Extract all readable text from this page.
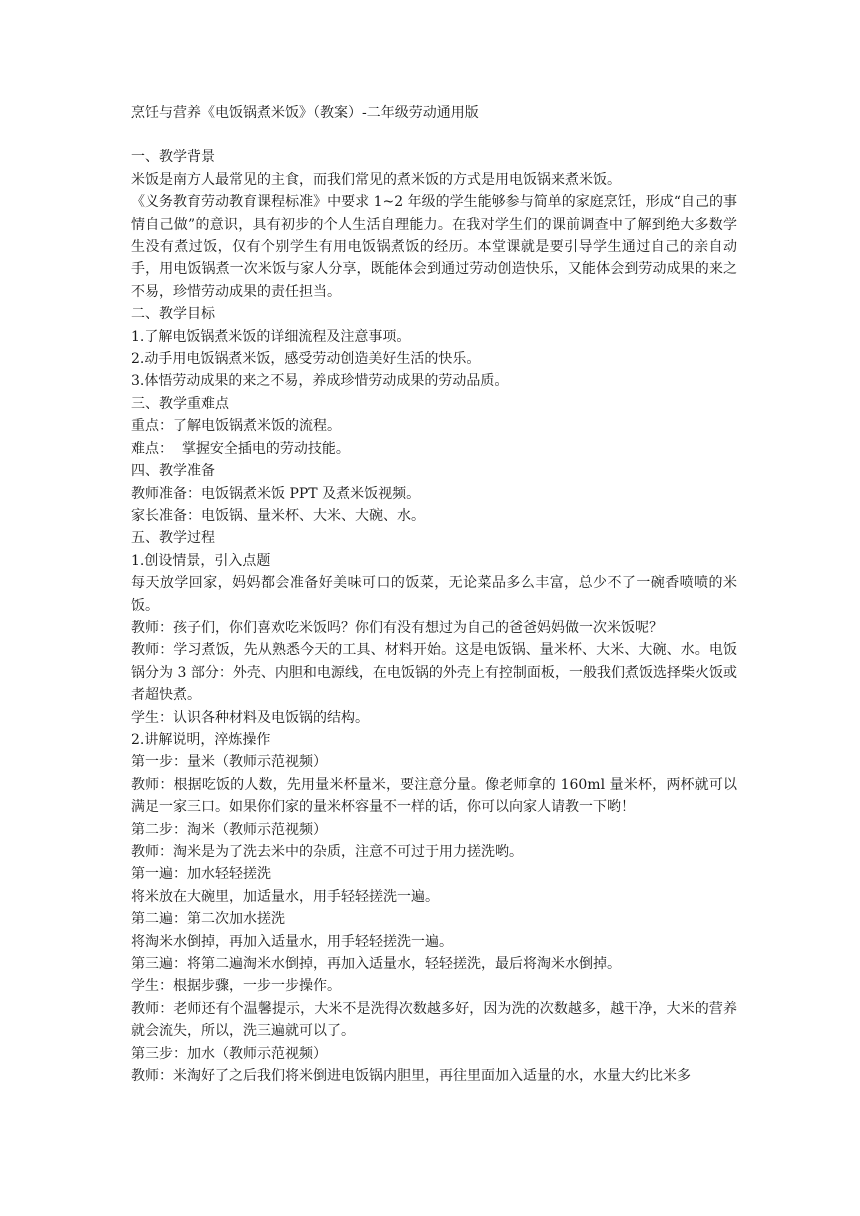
烹饪与营养《电饭锅煮米饭》（教案）-二年级劳动通用版

一、教学背景

米饭是南方人最常见的主食，而我们常见的煮米饭的方式是用电饭锅来煮米饭。

《义务教育劳动教育课程标准》中要求 1~2 年级的学生能够参与简单的家庭烹饪，形成“自己的事情自己做”的意识，具有初步的个人生活自理能力。在我对学生们的课前调查中了解到绝大多数学生没有煮过饭，仅有个别学生有用电饭锅煮饭的经历。本堂课就是要引导学生通过自己的亲自动手，用电饭锅煮一次米饭与家人分享，既能体会到通过劳动创造快乐，又能体会到劳动成果的来之不易，珍惜劳动成果的责任担当。

二、教学目标

1.了解电饭锅煮米饭的详细流程及注意事项。

2.动手用电饭锅煮米饭，感受劳动创造美好生活的快乐。

3.体悟劳动成果的来之不易，养成珍惜劳动成果的劳动品质。

三、教学重难点

重点：了解电饭锅煮米饭的流程。

难点：  掌握安全插电的劳动技能。

四、教学准备

教师准备：电饭锅煮米饭 PPT 及煮米饭视频。

家长准备：电饭锅、量米杯、大米、大碗、水。

五、教学过程

1.创设情景，引入点题

每天放学回家，妈妈都会准备好美味可口的饭菜，无论菜品多么丰富，总少不了一碗香喷喷的米饭。

教师：孩子们，你们喜欢吃米饭吗？你们有没有想过为自己的爸爸妈妈做一次米饭呢？

教师：学习煮饭，先从熟悉今天的工具、材料开始。这是电饭锅、量米杯、大米、大碗、水。电饭锅分为 3 部分：外壳、内胆和电源线，在电饭锅的外壳上有控制面板，一般我们煮饭选择柴火饭或者超快煮。

学生：认识各种材料及电饭锅的结构。

2.讲解说明，淬炼操作

第一步：量米（教师示范视频）

教师：根据吃饭的人数，先用量米杯量米，要注意分量。像老师拿的 160ml 量米杯，两杯就可以满足一家三口。如果你们家的量米杯容量不一样的话，你可以向家人请教一下哟！

第二步：淘米（教师示范视频）

教师：淘米是为了洗去米中的杂质，注意不可过于用力搓洗哟。

第一遍：加水轻轻搓洗

将米放在大碗里，加适量水，用手轻轻搓洗一遍。

第二遍：第二次加水搓洗

将淘米水倒掉，再加入适量水，用手轻轻搓洗一遍。

第三遍：将第二遍淘米水倒掉，再加入适量水，轻轻搓洗，最后将淘米水倒掉。

学生：根据步骤，一步一步操作。

教师：老师还有个温馨提示，大米不是洗得次数越多好，因为洗的次数越多，越干净，大米的营养就会流失，所以，洗三遍就可以了。

第三步：加水（教师示范视频）

教师：米淘好了之后我们将米倒进电饭锅内胆里，再往里面加入适量的水，水量大约比米多
